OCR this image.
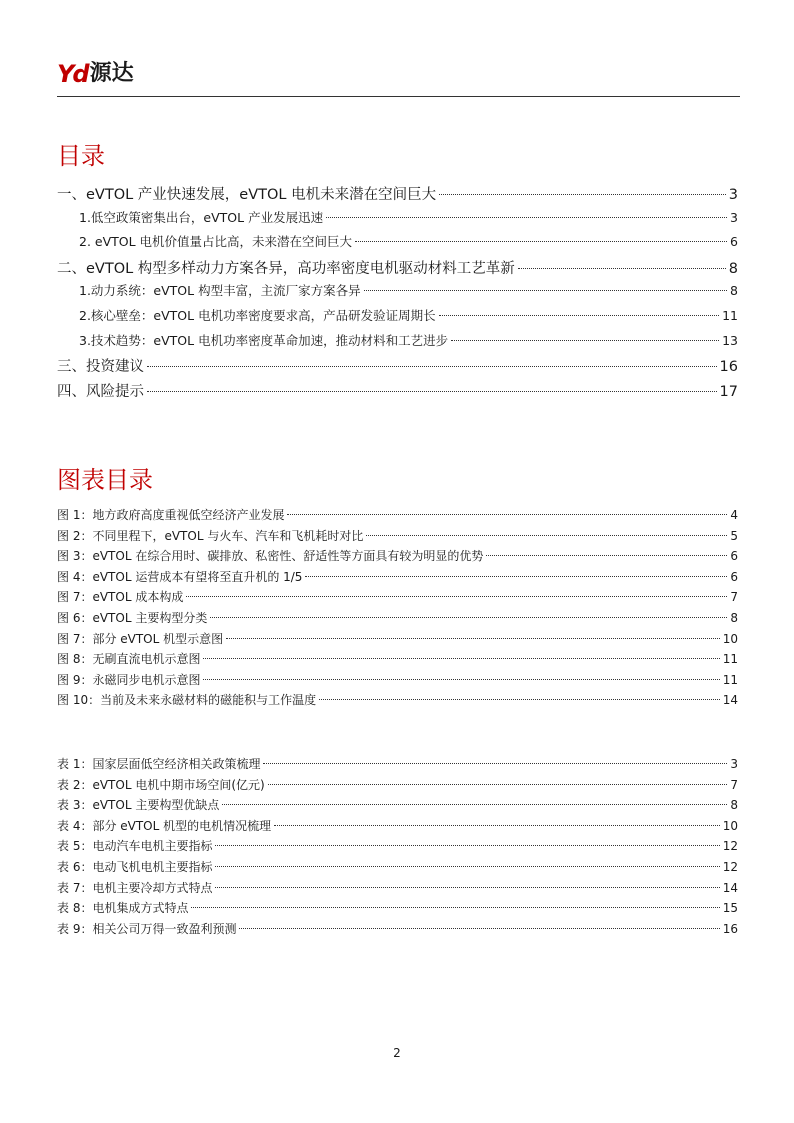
Yd 源达
目录
一、eVTOL 产业快速发展，eVTOL 电机未来潜在空间巨大	3
1.低空政策密集出台，eVTOL 产业发展迅速	3
2. eVTOL 电机价值量占比高，未来潜在空间巨大	6
二、eVTOL 构型多样动力方案各异，高功率密度电机驱动材料工艺革新	8
1.动力系统：eVTOL 构型丰富，主流厂家方案各异	8
2.核心壁垒：eVTOL 电机功率密度要求高，产品研发验证周期长	11
3.技术趋势：eVTOL 电机功率密度革命加速，推动材料和工艺进步	13
三、投资建议	16
四、风险提示	17
图表目录
图 1：地方政府高度重视低空经济产业发展	4
图 2：不同里程下，eVTOL 与火车、汽车和飞机耗时对比	5
图 3：eVTOL 在综合用时、碳排放、私密性、舒适性等方面具有较为明显的优势	6
图 4：eVTOL 运营成本有望将至直升机的 1/5	6
图 7：eVTOL 成本构成	7
图 6：eVTOL 主要构型分类	8
图 7：部分 eVTOL 机型示意图	10
图 8：无刷直流电机示意图	11
图 9：永磁同步电机示意图	11
图 10：当前及未来永磁材料的磁能积与工作温度	14
表 1：国家层面低空经济相关政策梳理	3
表 2：eVTOL 电机中期市场空间(亿元)	7
表 3：eVTOL 主要构型优缺点	8
表 4：部分 eVTOL 机型的电机情况梳理	10
表 5：电动汽车电机主要指标	12
表 6：电动飞机电机主要指标	12
表 7：电机主要冷却方式特点	14
表 8：电机集成方式特点	15
表 9：相关公司万得一致盈利预测	16
2
